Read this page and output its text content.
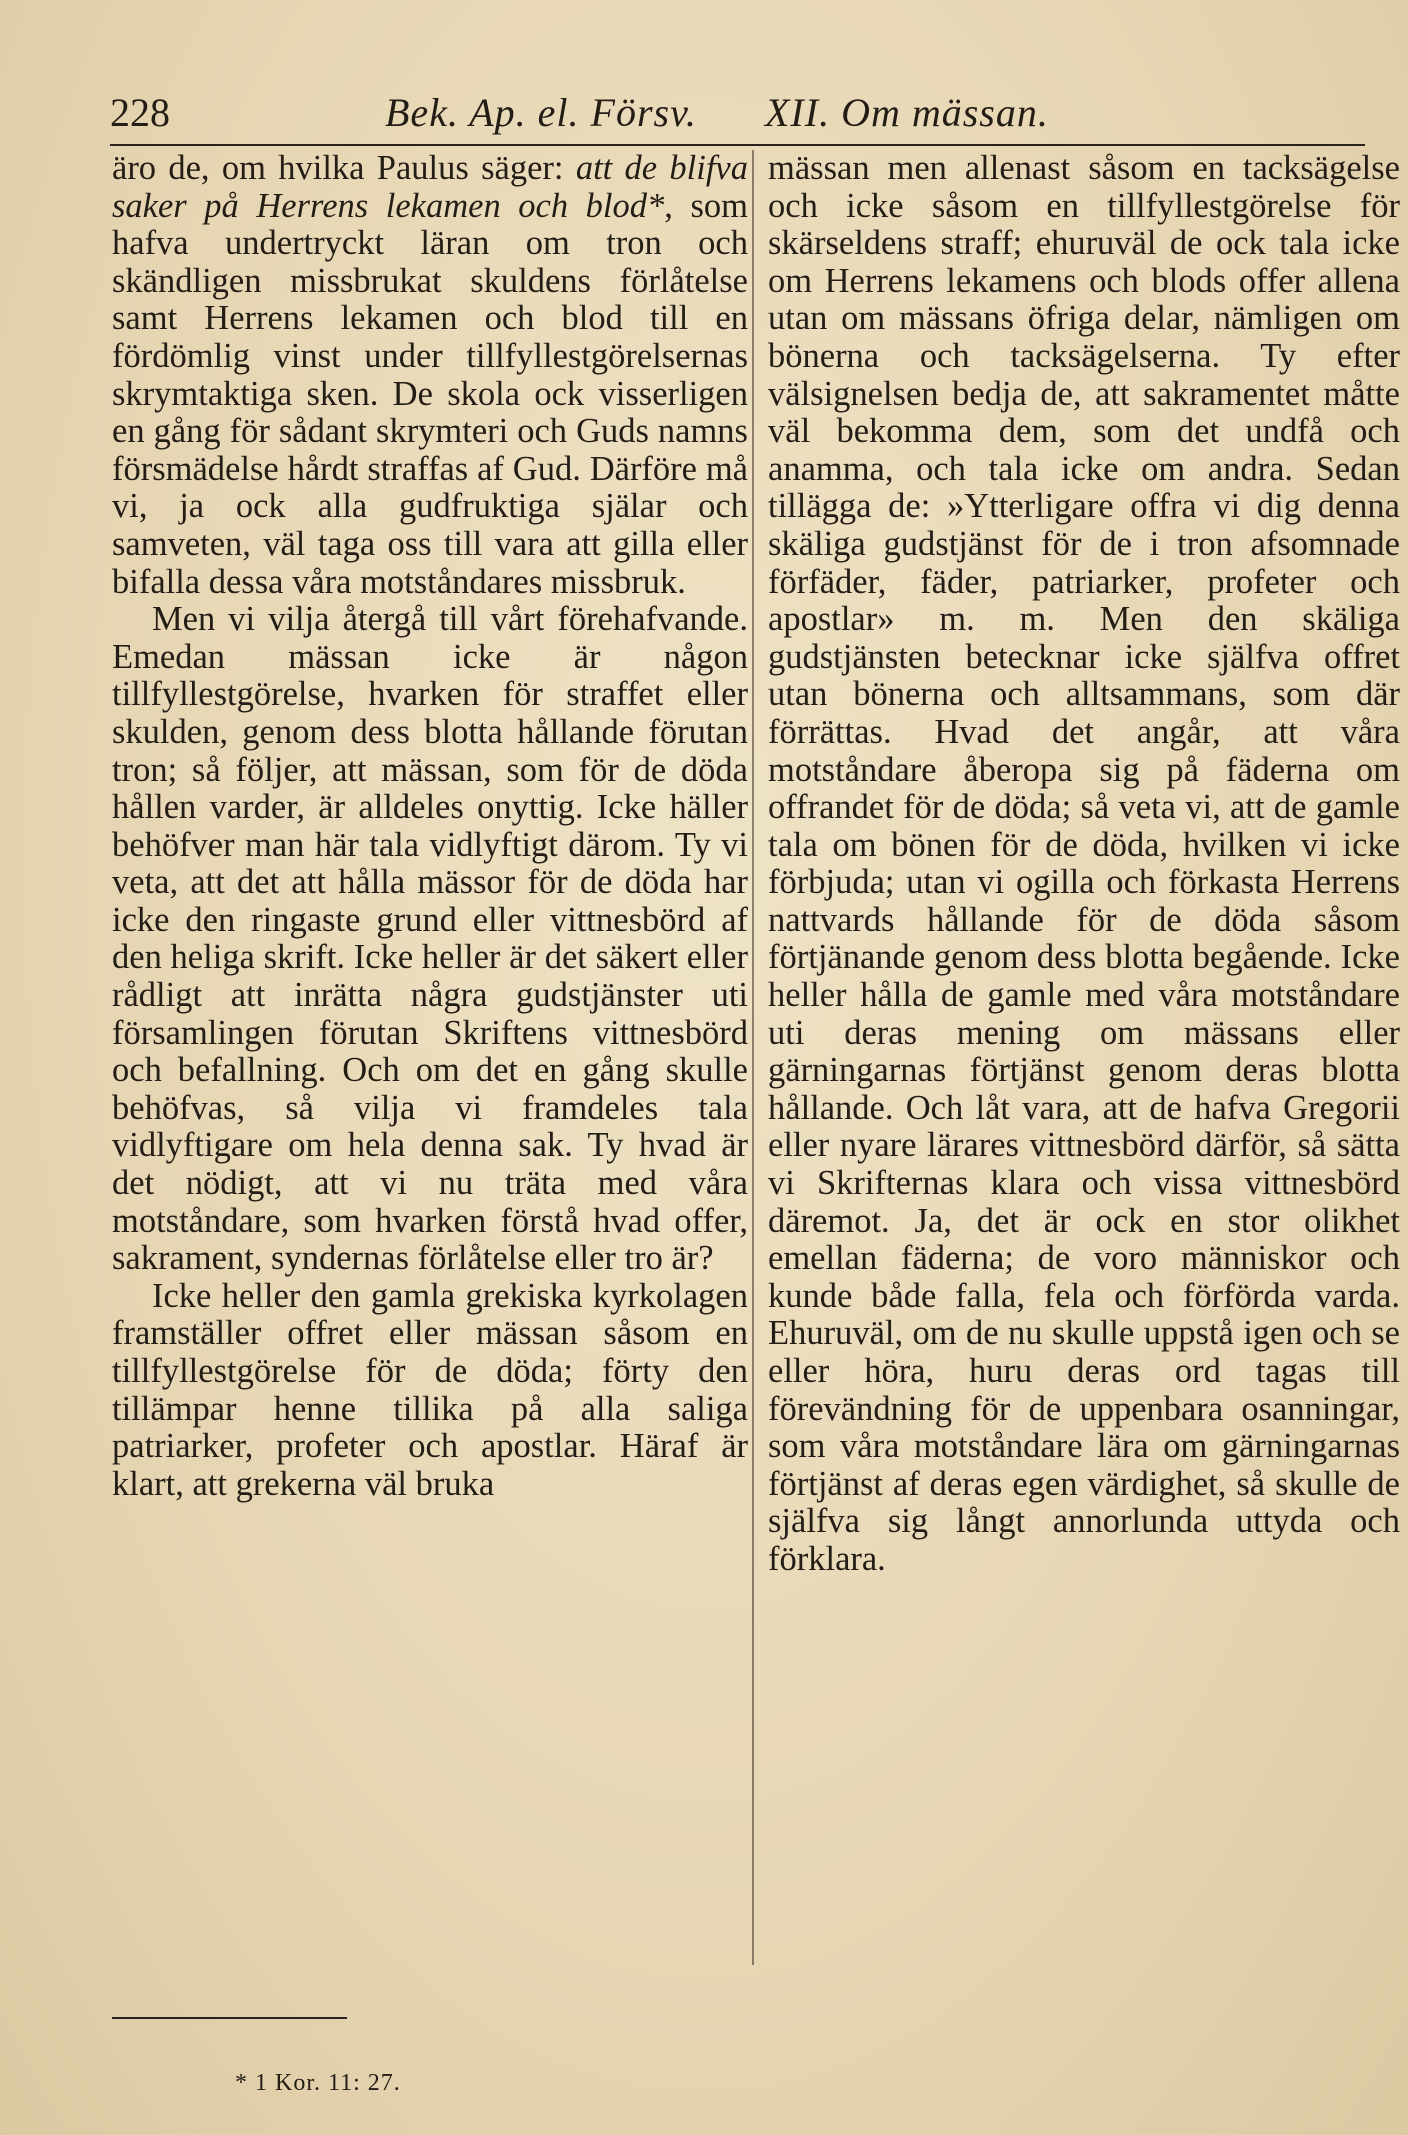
228	Bek. Ap. el. Försv. XII. Om mässan.

äro de, om hvilka Paulus säger: att de blifva saker på Herrens lekamen och blod*, som hafva undertryckt läran om tron och skändligen missbrukat skuldens förlåtelse samt Herrens lekamen och blod till en fördömlig vinst under tillfyllestgörelsernas skrymtaktiga sken. De skola ock visserligen en gång för sådant skrymteri och Guds namns försmädelse hårdt straffas af Gud. Därföre må vi, ja ock alla gudfruktiga själar och samveten, väl taga oss till vara att gilla eller bifalla dessa våra motståndares missbruk.

Men vi vilja återgå till vårt förehafvande. Emedan mässan icke är någon tillfyllestgörelse, hvarken för straffet eller skulden, genom dess blotta hållande förutan tron; så följer, att mässan, som för de döda hållen varder, är alldeles onyttig. Icke häller behöfver man här tala vidlyftigt därom. Ty vi veta, att det att hålla mässor för de döda har icke den ringaste grund eller vittnesbörd af den heliga skrift. Icke heller är det säkert eller rådligt att inrätta några gudstjänster uti församlingen förutan Skriftens vittnesbörd och befallning. Och om det en gång skulle behöfvas, så vilja vi framdeles tala vidlyftigare om hela denna sak. Ty hvad är det nödigt, att vi nu träta med våra motståndare, som hvarken förstå hvad offer, sakrament, syndernas förlåtelse eller tro är?

Icke heller den gamla grekiska kyrkolagen framställer offret eller mässan såsom en tillfyllestgörelse för de döda; förty den tillämpar henne tillika på alla saliga patriarker, profeter och apostlar. Häraf är klart, att grekerna väl bruka

mässan men allenast såsom en tacksägelse och icke såsom en tillfyllestgörelse för skärseldens straff; ehuruväl de ock tala icke om Herrens lekamens och blods offer allena utan om mässans öfriga delar, nämligen om bönerna och tacksägelserna. Ty efter välsignelsen bedja de, att sakramentet måtte väl bekomma dem, som det undfå och anamma, och tala icke om andra. Sedan tillägga de: »Ytterligare offra vi dig denna skäliga gudstjänst för de i tron afsomnade förfäder, fäder, patriarker, profeter och apostlar» m. m. Men den skäliga gudstjänsten betecknar icke själfva offret utan bönerna och alltsammans, som där förrättas. Hvad det angår, att våra motståndare åberopa sig på fäderna om offrandet för de döda; så veta vi, att de gamle tala om bönen för de döda, hvilken vi icke förbjuda; utan vi ogilla och förkasta Herrens nattvards hållande för de döda såsom förtjänande genom dess blotta begående. Icke heller hålla de gamle med våra motståndare uti deras mening om mässans eller gärningarnas förtjänst genom deras blotta hållande. Och låt vara, att de hafva Gregorii eller nyare lärares vittnesbörd därför, så sätta vi Skrifternas klara och vissa vittnesbörd däremot. Ja, det är ock en stor olikhet emellan fäderna; de voro människor och kunde både falla, fela och förförda varda. Ehuruväl, om de nu skulle uppstå igen och se eller höra, huru deras ord tagas till förevändning för de uppenbara osanningar, som våra motståndare lära om gärningarnas förtjänst af deras egen värdighet, så skulle de själfva sig långt annorlunda uttyda och förklara.

* 1 Kor. 11: 27.
